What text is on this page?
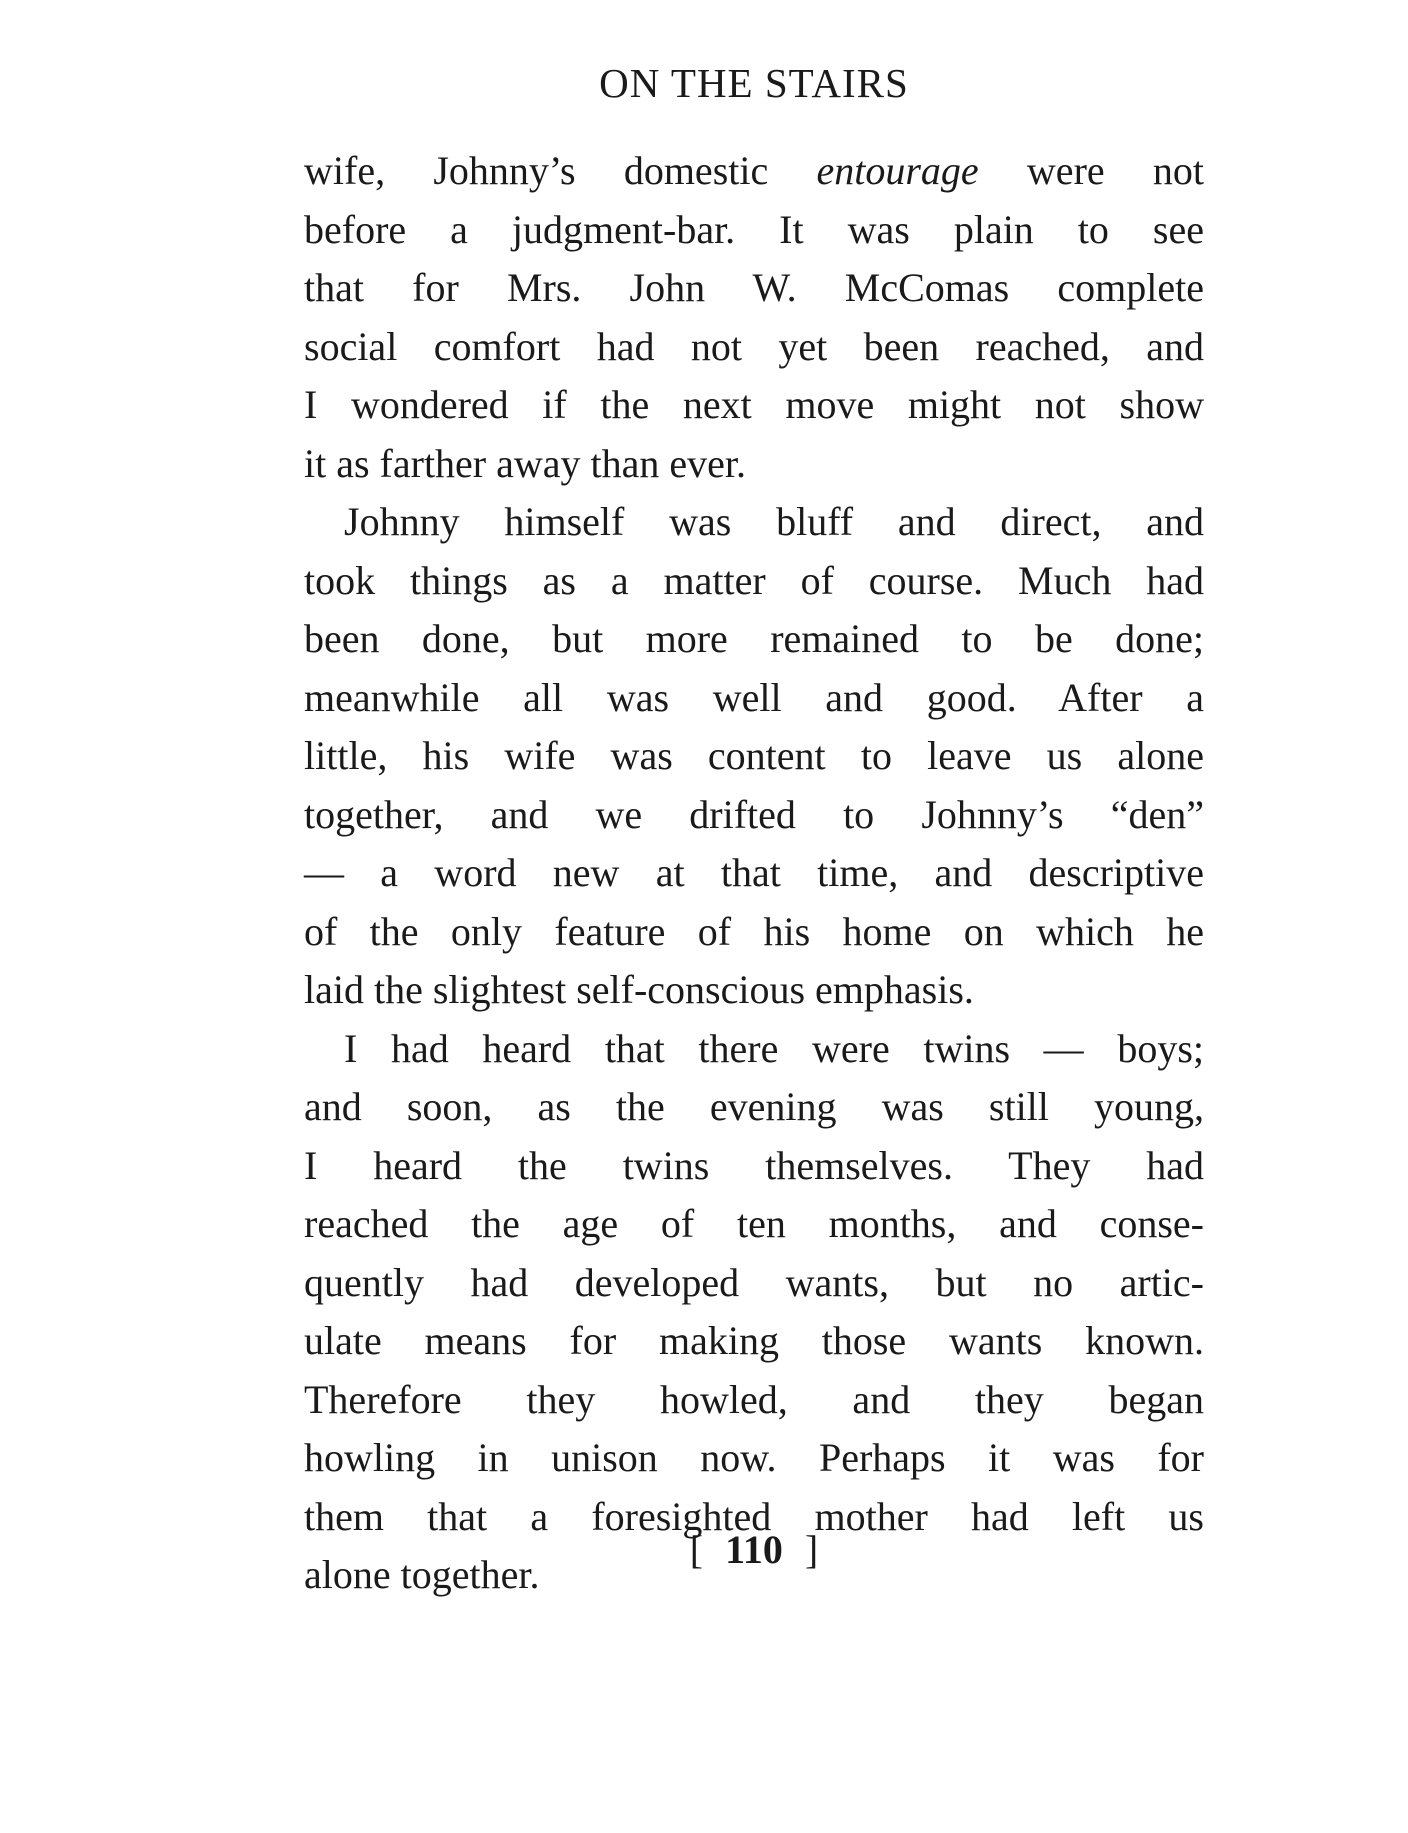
ON THE STAIRS
wife, Johnny’s domestic entourage were not
before a judgment-bar. It was plain to see
that for Mrs. John W. McComas complete
social comfort had not yet been reached, and
I wondered if the next move might not show
it as farther away than ever.
Johnny himself was bluff and direct, and
took things as a matter of course. Much had
been done, but more remained to be done;
meanwhile all was well and good. After a
little, his wife was content to leave us alone
together, and we drifted to Johnny’s “den”
— a word new at that time, and descriptive
of the only feature of his home on which he
laid the slightest self-conscious emphasis.
I had heard that there were twins — boys;
and soon, as the evening was still young,
I heard the twins themselves. They had
reached the age of ten months, and conse-
quently had developed wants, but no artic-
ulate means for making those wants known.
Therefore they howled, and they began
howling in unison now. Perhaps it was for
them that a foresighted mother had left us
alone together.
[ 110 ]
